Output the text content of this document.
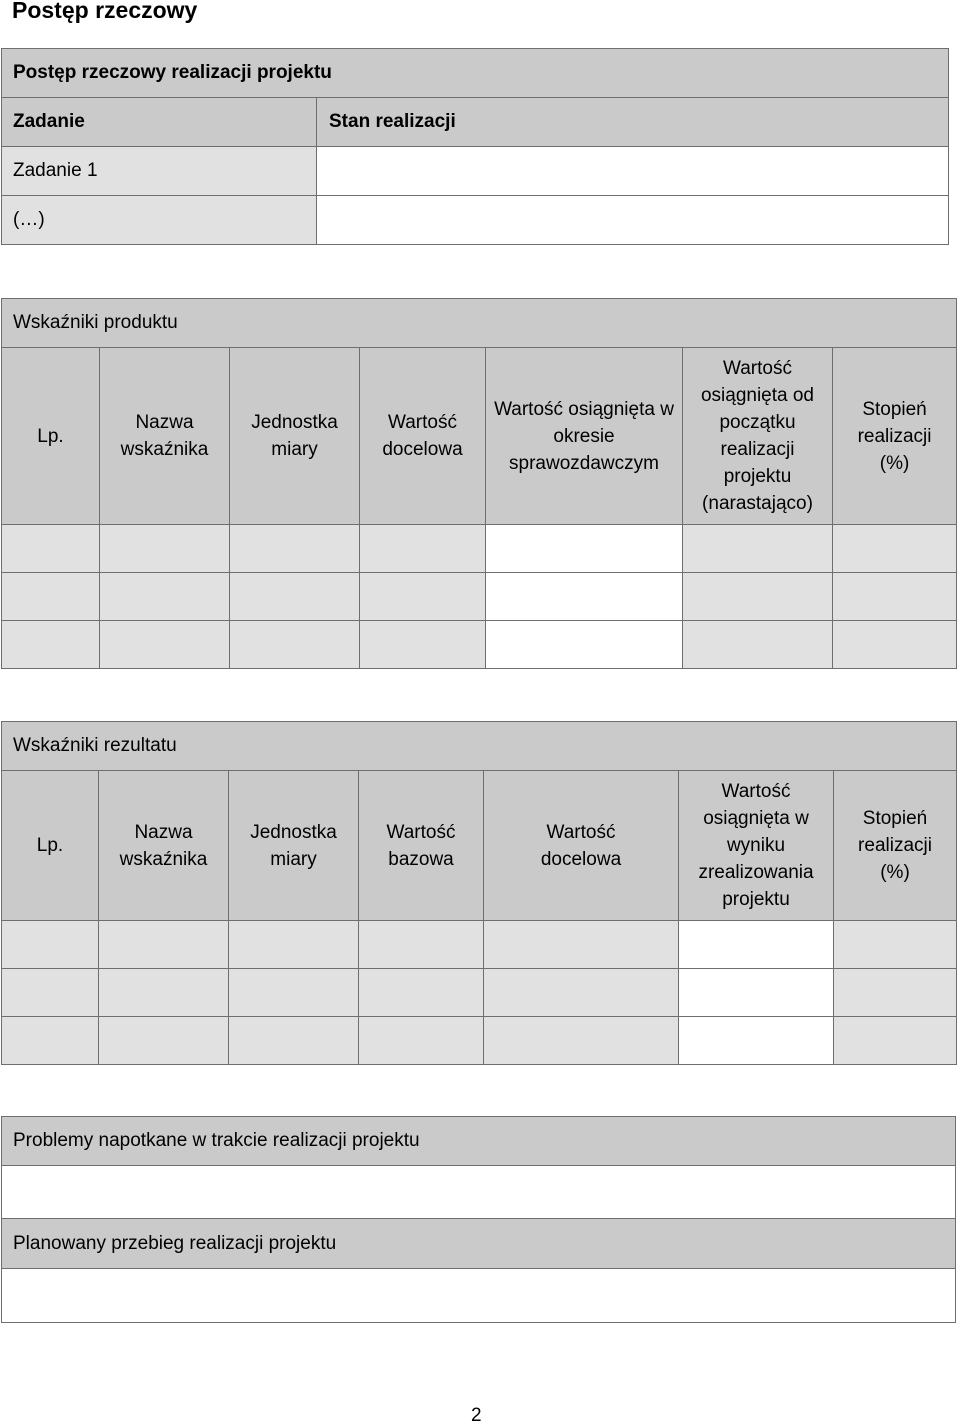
Postęp rzeczowy
Postęp rzeczowy realizacji projektu	
Zadanie	Stan realizacji
Zadanie 1	
(…)	
Wskaźniki produktu						
Lp.	Nazwa wskaźnika	Jednostka miary	Wartość docelowa	Wartość osiągnięta w okresie sprawozdawczym	Wartość osiągnięta od początku realizacji projektu (narastająco)	Stopień realizacji (%)

Wskaźniki rezultatu						
Lp.	Nazwa wskaźnika	Jednostka miary	Wartość bazowa	Wartość docelowa	Wartość osiągnięta w wyniku zrealizowania projektu	Stopień realizacji (%)

Problemy napotkane w trakcie realizacji projektu

Planowany przebieg realizacji projektu

2
